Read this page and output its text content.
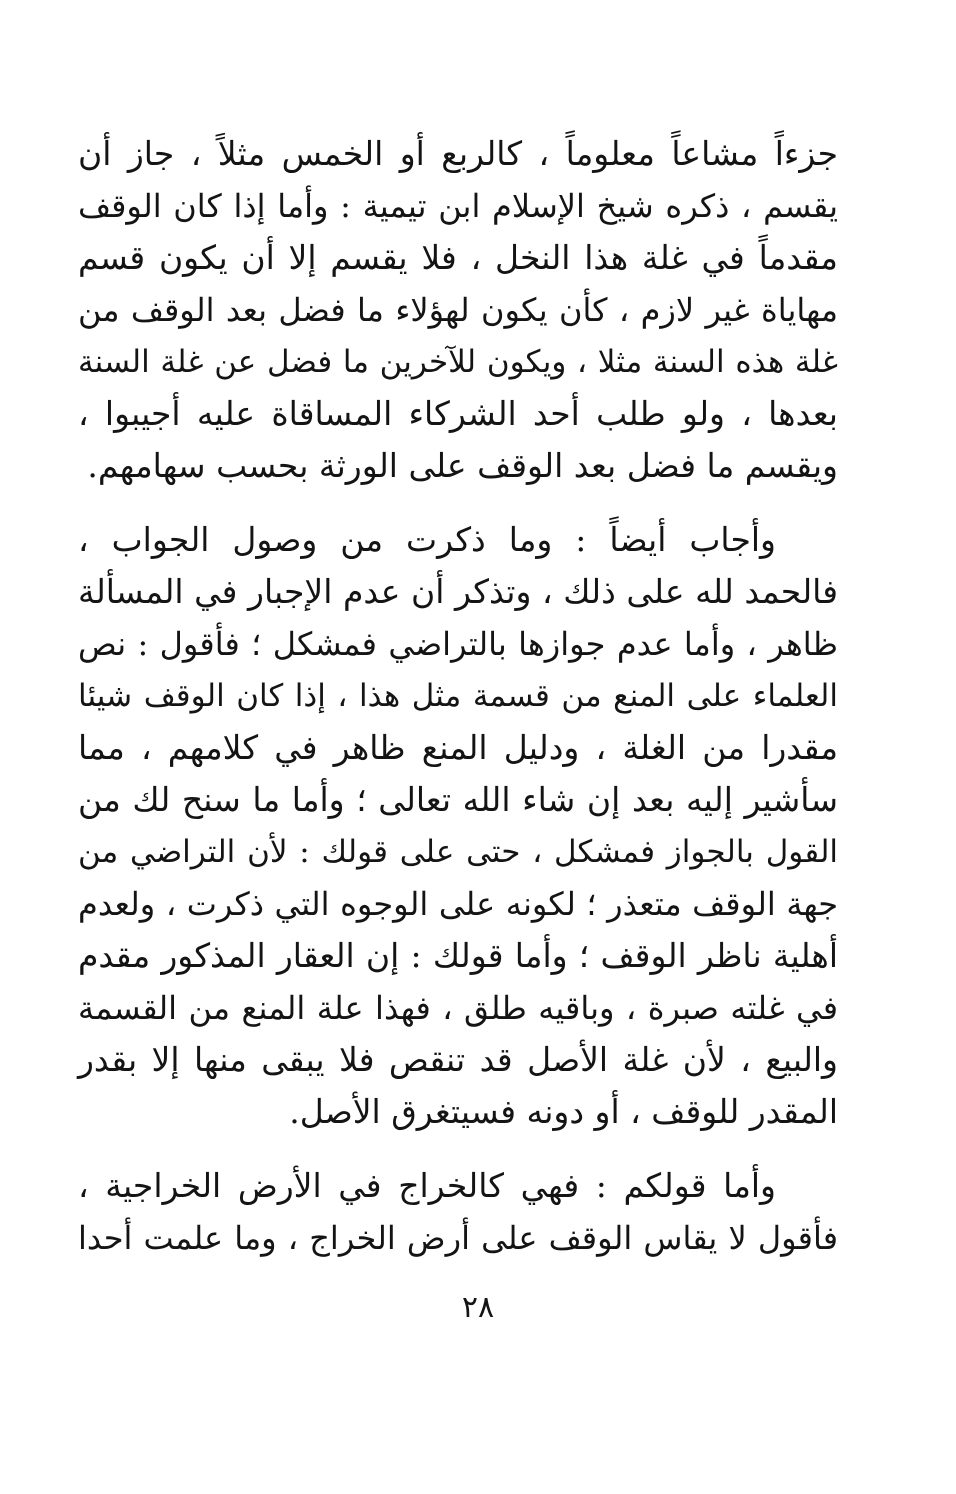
جزءاً مشاعاً معلوماً ، كالربع أو الخمس مثلاً ، جاز أن
يقسم ، ذكره شيخ الإسلام ابن تيمية : وأما إذا كان الوقف
مقدماً في غلة هذا النخل ، فلا يقسم إلا أن يكون قسم
مهاياة غير لازم ، كأن يكون لهؤلاء ما فضل بعد الوقف من
غلة هذه السنة مثلا ، ويكون للآخرين ما فضل عن غلة السنة
بعدها ، ولو طلب أحد الشركاء المساقاة عليه أجيبوا ،
ويقسم ما فضل بعد الوقف على الورثة بحسب سهامهم.

وأجاب أيضاً : وما ذكرت من وصول الجواب ،
فالحمد لله على ذلك ، وتذكر أن عدم الإجبار في المسألة
ظاهر ، وأما عدم جوازها بالتراضي فمشكل ؛ فأقول : نص
العلماء على المنع من قسمة مثل هذا ، إذا كان الوقف شيئا
مقدرا من الغلة ، ودليل المنع ظاهر في كلامهم ، مما
سأشير إليه بعد إن شاء الله تعالى ؛ وأما ما سنح لك من
القول بالجواز فمشكل ، حتى على قولك : لأن التراضي من
جهة الوقف متعذر ؛ لكونه على الوجوه التي ذكرت ، ولعدم
أهلية ناظر الوقف ؛ وأما قولك : إن العقار المذكور مقدم
في غلته صبرة ، وباقيه طلق ، فهذا علة المنع من القسمة
والبيع ، لأن غلة الأصل قد تنقص فلا يبقى منها إلا بقدر
المقدر للوقف ، أو دونه فسيتغرق الأصل.

وأما قولكم : فهي كالخراج في الأرض الخراجية ،
فأقول لا يقاس الوقف على أرض الخراج ، وما علمت أحدا

٢٨
